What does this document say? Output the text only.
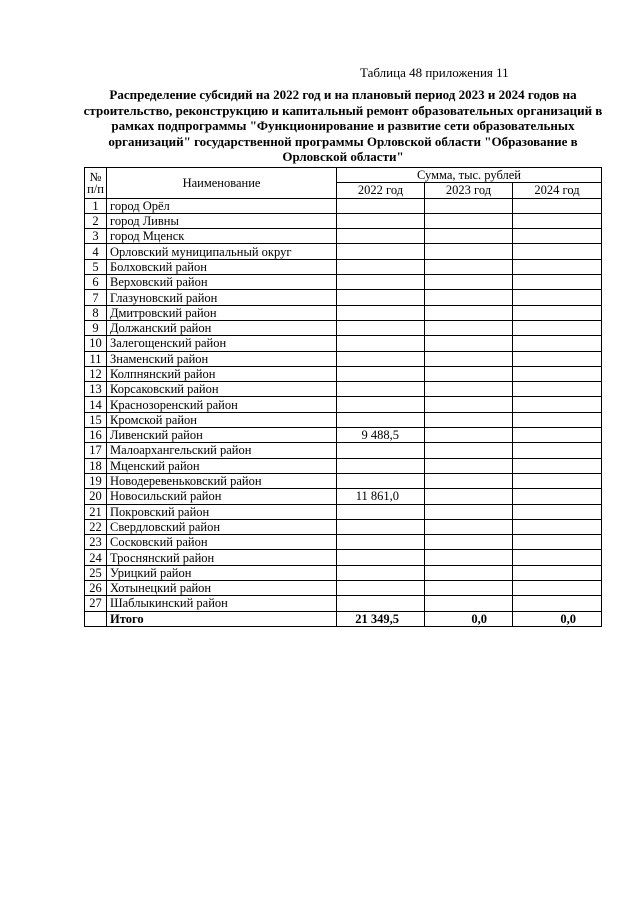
Таблица 48 приложения 11
Распределение субсидий на 2022 год и на плановый период 2023 и 2024 годов на строительство, реконструкцию и капитальный ремонт образовательных организаций в рамках подпрограммы "Функционирование и развитие сети образовательных организаций" государственной программы Орловской области "Образование в Орловской области"
№
п/п	Наименование	Сумма, тыс. рублей		
		2022 год	2023 год	2024 год
1	город Орёл			
2	город Ливны			
3	город Мценск			
4	Орловский муниципальный округ			
5	Болховский район			
6	Верховский район			
7	Глазуновский район			
8	Дмитровский район			
9	Должанский район			
10	Залегощенский район			
11	Знаменский район			
12	Колпнянский район			
13	Корсаковский район			
14	Краснозоренский район			
15	Кромской район			
16	Ливенский район	9 488,5		
17	Малоархангельский район			
18	Мценский район			
19	Новодеревеньковский район			
20	Новосильский район	11 861,0		
21	Покровский район			
22	Свердловский район			
23	Сосковский район			
24	Троснянский район			
25	Урицкий район			
26	Хотынецкий район			
27	Шаблыкинский район			
	Итого	21 349,5	0,0	0,0
